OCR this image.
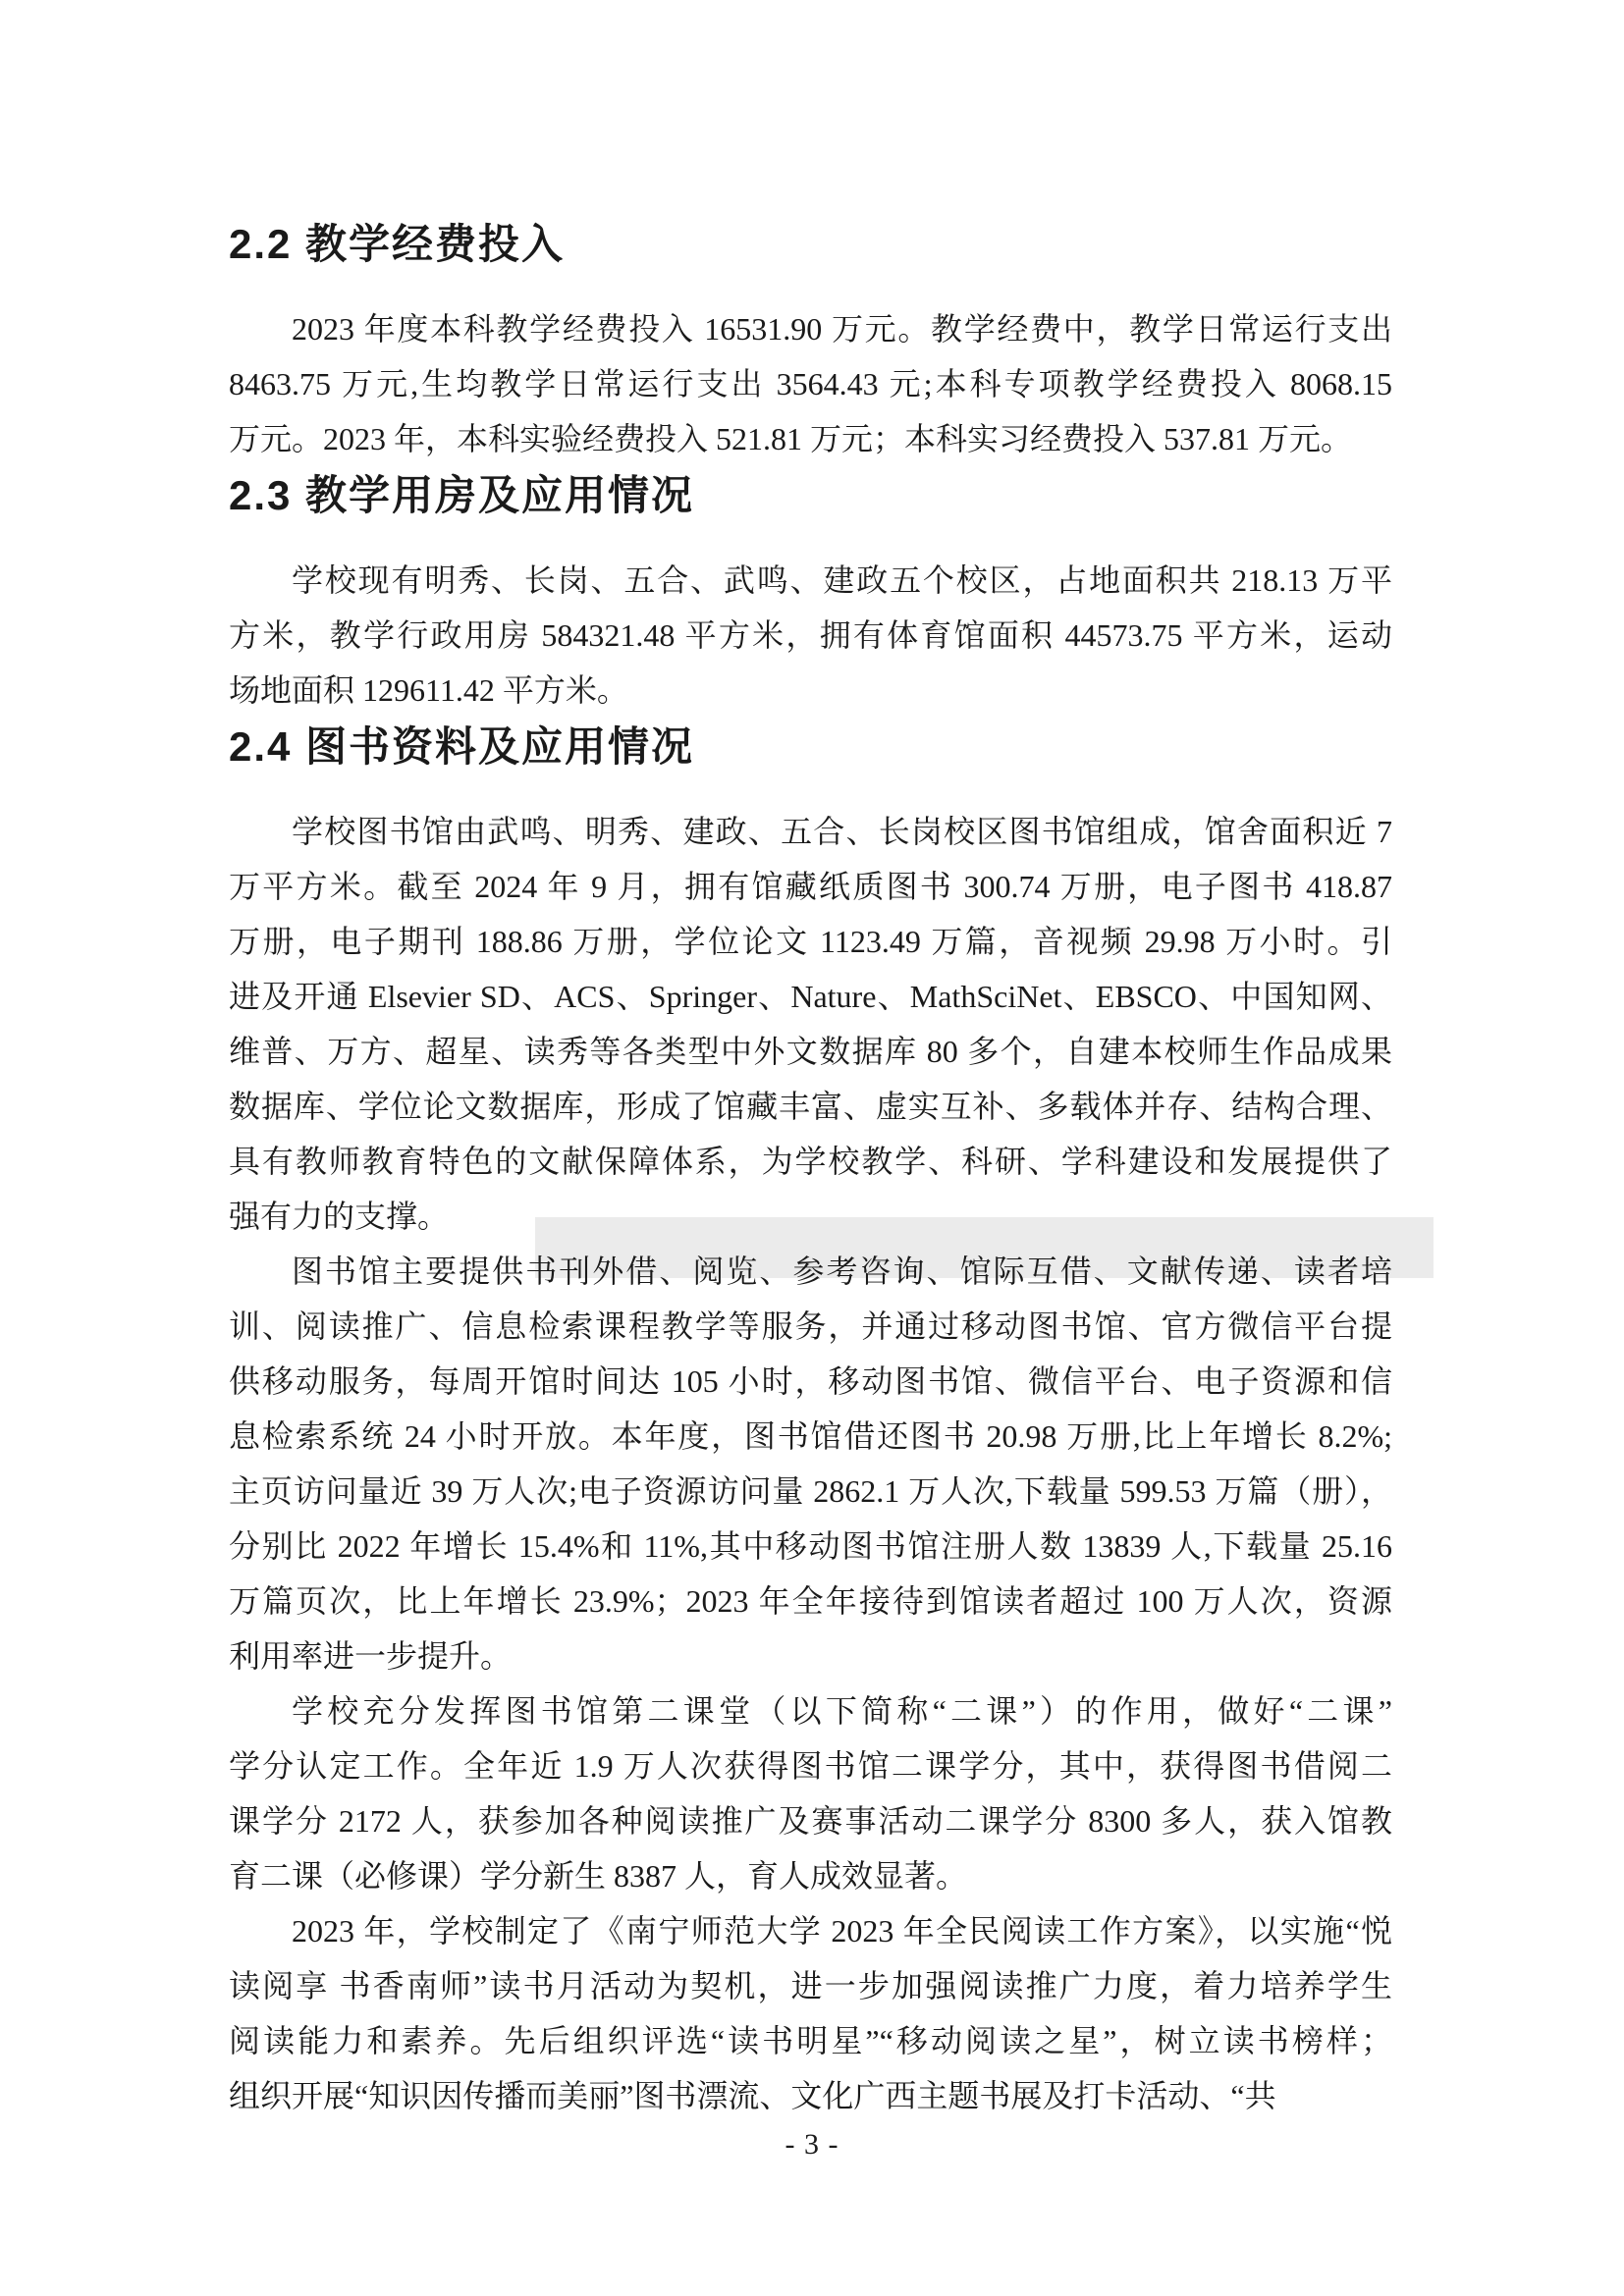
2.2 教学经费投入
2023 年度本科教学经费投入 16531.90 万元。教学经费中，教学日常运行支出
8463.75 万元,生均教学日常运行支出 3564.43 元;本科专项教学经费投入 8068.15
万元。2023 年，本科实验经费投入 521.81 万元；本科实习经费投入 537.81 万元。
2.3 教学用房及应用情况
学校现有明秀、长岗、五合、武鸣、建政五个校区，占地面积共 218.13 万平
方米，教学行政用房 584321.48 平方米，拥有体育馆面积 44573.75 平方米，运动
场地面积 129611.42 平方米。
2.4 图书资料及应用情况
学校图书馆由武鸣、明秀、建政、五合、长岗校区图书馆组成，馆舍面积近 7
万平方米。截至 2024 年 9 月，拥有馆藏纸质图书 300.74 万册，电子图书 418.87
万册，电子期刊 188.86 万册，学位论文 1123.49 万篇，音视频 29.98 万小时。引
进及开通 Elsevier SD、ACS、Springer、Nature、MathSciNet、EBSCO、中国知网、
维普、万方、超星、读秀等各类型中外文数据库 80 多个，自建本校师生作品成果
数据库、学位论文数据库，形成了馆藏丰富、虚实互补、多载体并存、结构合理、
具有教师教育特色的文献保障体系，为学校教学、科研、学科建设和发展提供了
强有力的支撑。
图书馆主要提供书刊外借、阅览、参考咨询、馆际互借、文献传递、读者培
训、阅读推广、信息检索课程教学等服务，并通过移动图书馆、官方微信平台提
供移动服务，每周开馆时间达 105 小时，移动图书馆、微信平台、电子资源和信
息检索系统 24 小时开放。本年度，图书馆借还图书 20.98 万册,比上年增长 8.2%;
主页访问量近 39 万人次;电子资源访问量 2862.1 万人次,下载量 599.53 万篇（册），
分别比 2022 年增长 15.4%和 11%,其中移动图书馆注册人数 13839 人,下载量 25.16
万篇页次，比上年增长 23.9%；2023 年全年接待到馆读者超过 100 万人次，资源
利用率进一步提升。
学校充分发挥图书馆第二课堂（以下简称“二课”）的作用，做好“二课”
学分认定工作。全年近 1.9 万人次获得图书馆二课学分，其中，获得图书借阅二
课学分 2172 人，获参加各种阅读推广及赛事活动二课学分 8300 多人，获入馆教
育二课（必修课）学分新生 8387 人，育人成效显著。
2023 年，学校制定了《南宁师范大学 2023 年全民阅读工作方案》，以实施“悦
读阅享 书香南师”读书月活动为契机，进一步加强阅读推广力度，着力培养学生
阅读能力和素养。先后组织评选“读书明星”“移动阅读之星”，树立读书榜样；
组织开展“知识因传播而美丽”图书漂流、文化广西主题书展及打卡活动、“共
- 3 -
